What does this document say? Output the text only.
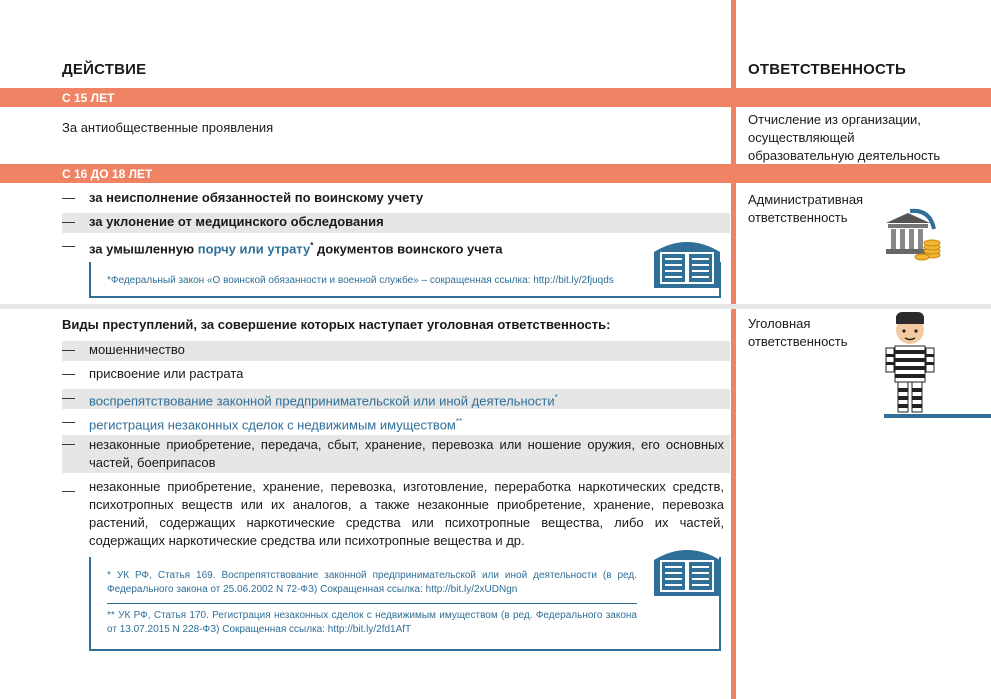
ДЕЙСТВИЕ	ОТВЕТСТВЕННОСТЬ
С 15 ЛЕТ
За антиобщественные проявления
Отчисление из организации,
осуществляющей
образовательную деятельность
С 16 ДО 18 ЛЕТ
— за неисполнение обязанностей по воинскому учету
— за уклонение от медицинского обследования
— за умышленную порчу или утрату* документов воинского учета
*Федеральный закон «О воинской обязанности и военной службе» – сокращенная ссылка: http://bit.ly/2fjuqds
Административная
ответственность
Виды преступлений, за совершение которых наступает уголовная ответственность:
— мошенничество
— присвоение или растрата
— воспрепятствование законной предпринимательской или иной деятельности*
— регистрация незаконных сделок с недвижимым имуществом**
— незаконные приобретение, передача, сбыт, хранение, перевозка или ношение оружия, его основных частей, боеприпасов
— незаконные приобретение, хранение, перевозка, изготовление, переработка наркотических средств, психотропных веществ или их аналогов, а также незаконные приобретение, хранение, перевозка растений, содержащих наркотические средства или психотропные вещества, либо их частей, содержащих наркотические средства или психотропные вещества и др.
* УК РФ, Статья 169. Воспрепятствование законной предпринимательской или иной деятельности (в ред. Федерального закона от 25.06.2002 N 72-ФЗ) Сокращенная ссылка: http://bit.ly/2xUDNgn
** УК РФ, Статья 170. Регистрация незаконных сделок с недвижимым имуществом (в ред. Федерального закона от 13.07.2015 N 228-ФЗ) Сокращенная ссылка: http://bit.ly/2fd1AfT
Уголовная
ответственность
